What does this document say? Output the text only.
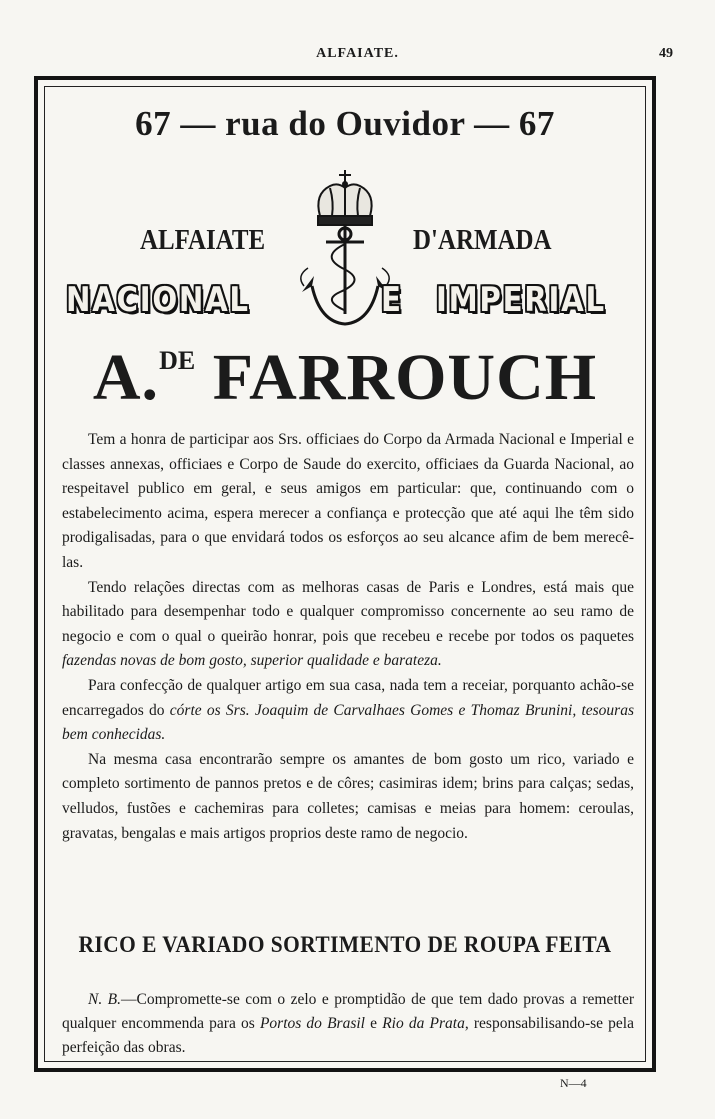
ALFAIATE.	49
67 — rua do Ouvidor — 67
ALFAIATE	D'ARMADA
NACIONAL	E IMPERIAL
A.$^{DE}$ FARROUCH

Tem a honra de participar aos Srs. officiaes do Corpo da Armada Nacional e Imperial e classes annexas, officiaes e Corpo de Saude do exercito, officiaes da Guarda Nacional, ao respeitavel publico em geral, e seus amigos em particular: que, continuando com o estabelecimento acima, espera merecer a confiança e protecção que até aqui lhe têm sido prodigalisadas, para o que envidará todos os esforços ao seu alcance afim de bem merecê-las.

Tendo relações directas com as melhoras casas de Paris e Londres, está mais que habilitado para desempenhar todo e qualquer compromisso concernente ao seu ramo de negocio e com o qual o queirão honrar, pois que recebeu e recebe por todos os paquetes fazendas novas de bom gosto, superior qualidade e barateza.

Para confecção de qualquer artigo em sua casa, nada tem a receiar, porquanto achão-se encarregados do córte os Srs. Joaquim de Carvalhaes Gomes e Thomaz Brunini, tesouras bem conhecidas.

Na mesma casa encontrarão sempre os amantes de bom gosto um rico, variado e completo sortimento de pannos pretos e de côres; casimiras idem; brins para calças; sedas, velludos, fustões e cachemiras para colletes; camisas e meias para homem: ceroulas, gravatas, bengalas e mais artigos proprios deste ramo de negocio.

RICO E VARIADO SORTIMENTO DE ROUPA FEITA

N. B.—Compromette-se com o zelo e promptidão de que tem dado provas a remetter qualquer encommenda para os Portos do Brasil e Rio da Prata, responsabilisando-se pela perfeição das obras.

N—4
